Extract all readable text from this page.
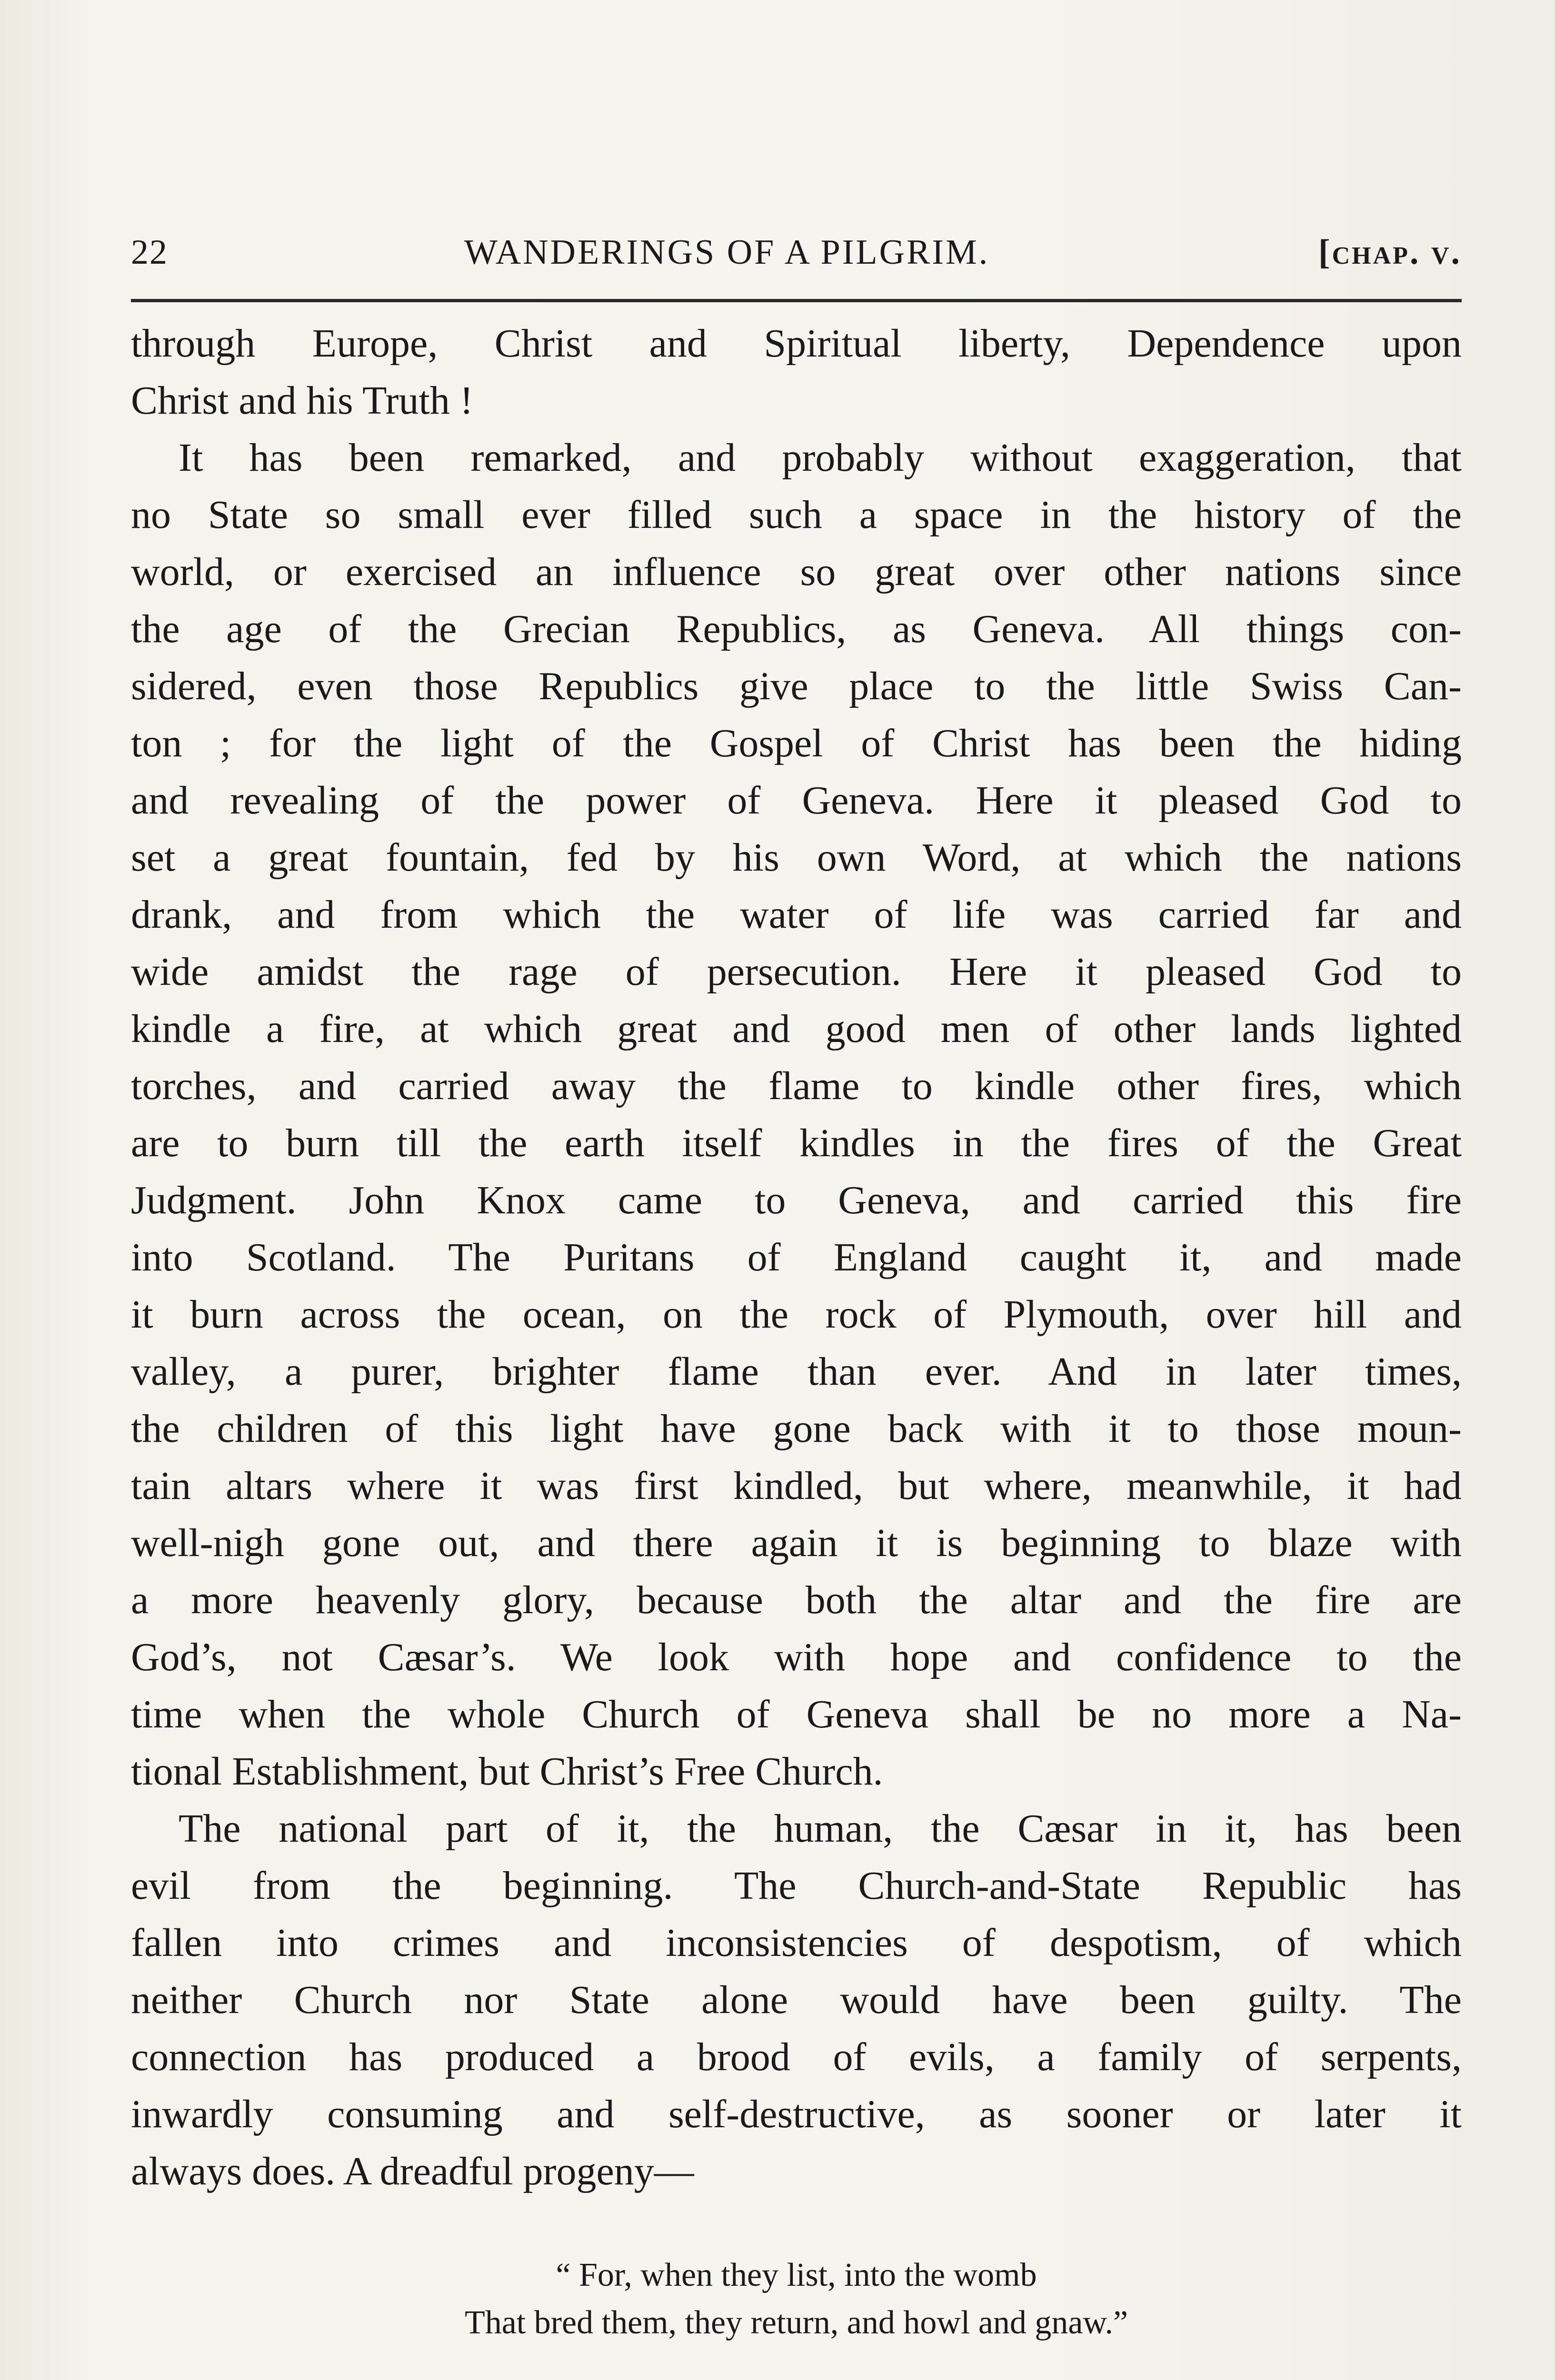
22	WANDERINGS OF A PILGRIM.	[chap. v.
through Europe, Christ and Spiritual liberty, Dependence upon
Christ and his Truth !
It has been remarked, and probably without exaggeration, that
no State so small ever filled such a space in the history of the
world, or exercised an influence so great over other nations since
the age of the Grecian Republics, as Geneva. All things con-
sidered, even those Republics give place to the little Swiss Can-
ton ; for the light of the Gospel of Christ has been the hiding
and revealing of the power of Geneva. Here it pleased God to
set a great fountain, fed by his own Word, at which the nations
drank, and from which the water of life was carried far and
wide amidst the rage of persecution. Here it pleased God to
kindle a fire, at which great and good men of other lands lighted
torches, and carried away the flame to kindle other fires, which
are to burn till the earth itself kindles in the fires of the Great
Judgment. John Knox came to Geneva, and carried this fire
into Scotland. The Puritans of England caught it, and made
it burn across the ocean, on the rock of Plymouth, over hill and
valley, a purer, brighter flame than ever. And in later times,
the children of this light have gone back with it to those moun-
tain altars where it was first kindled, but where, meanwhile, it had
well-nigh gone out, and there again it is beginning to blaze with
a more heavenly glory, because both the altar and the fire are
God’s, not Cæsar’s. We look with hope and confidence to the
time when the whole Church of Geneva shall be no more a Na-
tional Establishment, but Christ’s Free Church.
The national part of it, the human, the Cæsar in it, has been
evil from the beginning. The Church-and-State Republic has
fallen into crimes and inconsistencies of despotism, of which
neither Church nor State alone would have been guilty. The
connection has produced a brood of evils, a family of serpents,
inwardly consuming and self-destructive, as sooner or later it
always does. A dreadful progeny—
“ For, when they list, into the womb
That bred them, they return, and howl and gnaw.”
